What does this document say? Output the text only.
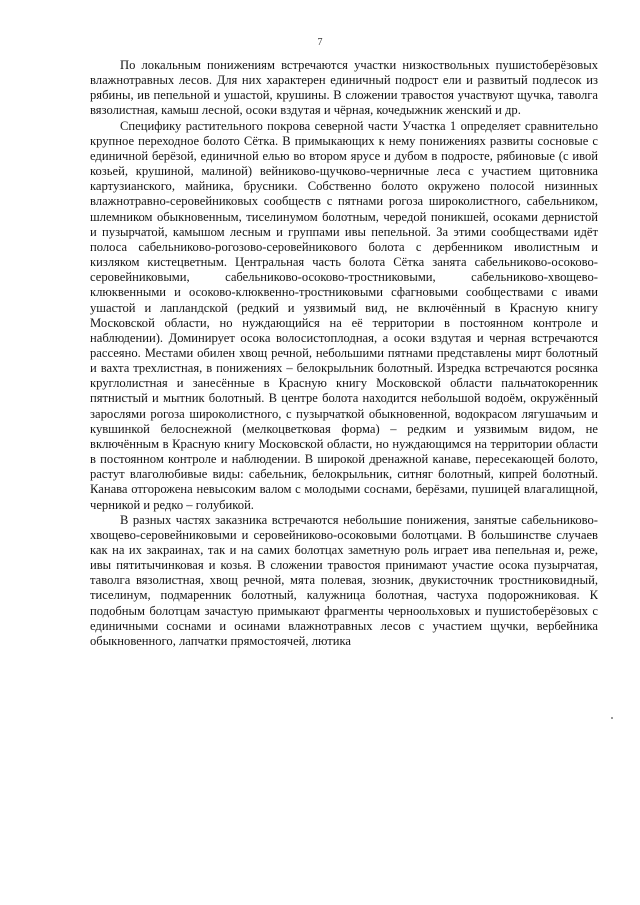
7

По локальным понижениям встречаются участки низкоствольных пушистоберёзовых влажнотравных лесов. Для них характерен единичный подрост ели и развитый подлесок из рябины, ив пепельной и ушастой, крушины. В сложении травостоя участвуют щучка, таволга вязолистная, камыш лесной, осоки вздутая и чёрная, кочедыжник женский и др.

Специфику растительного покрова северной части Участка 1 определяет сравнительно крупное переходное болото Сётка. В примыкающих к нему понижениях развиты сосновые с единичной берёзой, единичной елью во втором ярусе и дубом в подросте, рябиновые (с ивой козьей, крушиной, малиной) вейниково-щучково-черничные леса с участием щитовника картузианского, майника, брусники. Собственно болото окружено полосой низинных влажнотравно-серовейниковых сообществ с пятнами рогоза широколистного, сабельником, шлемником обыкновенным, тиселинумом болотным, чередой поникшей, осоками дернистой и пузырчатой, камышом лесным и группами ивы пепельной. За этими сообществами идёт полоса сабельниково-рогозово-серовейникового болота с дербенником иволистным и кизляком кистецветным. Центральная часть болота Сётка занята сабельниково-осоково-серовейниковыми, сабельниково-осоково-тростниковыми, сабельниково-хвощево-клюквенными и осоково-клюквенно-тростниковыми сфагновыми сообществами с ивами ушастой и лапландской (редкий и уязвимый вид, не включённый в Красную книгу Московской области, но нуждающийся на её территории в постоянном контроле и наблюдении). Доминирует осока волосистоплодная, а осоки вздутая и черная встречаются рассеяно. Местами обилен хвощ речной, небольшими пятнами представлены мирт болотный и вахта трехлистная, в понижениях – белокрыльник болотный. Изредка встречаются росянка круглолистная и занесённые в Красную книгу Московской области пальчатокоренник пятнистый и мытник болотный. В центре болота находится небольшой водоём, окружённый зарослями рогоза широколистного, с пузырчаткой обыкновенной, водокрасом лягушачьим и кувшинкой белоснежной (мелкоцветковая форма) – редким и уязвимым видом, не включённым в Красную книгу Московской области, но нуждающимся на территории области в постоянном контроле и наблюдении. В широкой дренажной канаве, пересекающей болото, растут влаголюбивые виды: сабельник, белокрыльник, ситняг болотный, кипрей болотный. Канава отгорожена невысоким валом с молодыми соснами, берёзами, пушицей влагалищной, черникой и редко – голубикой.

В разных частях заказника встречаются небольшие понижения, занятые сабельниково-хвощево-серовейниковыми и серовейниково-осоковыми болотцами. В большинстве случаев как на их закраинах, так и на самих болотцах заметную роль играет ива пепельная и, реже, ивы пятитычинковая и козья. В сложении травостоя принимают участие осока пузырчатая, таволга вязолистная, хвощ речной, мята полевая, зюзник, двукисточник тростниковидный, тиселинум, подмаренник болотный, калужница болотная, частуха подорожниковая. К подобным болотцам зачастую примыкают фрагменты черноольховых и пушистоберёзовых с единичными соснами и осинами влажнотравных лесов с участием щучки, вербейника обыкновенного, лапчатки прямостоячей, лютика
